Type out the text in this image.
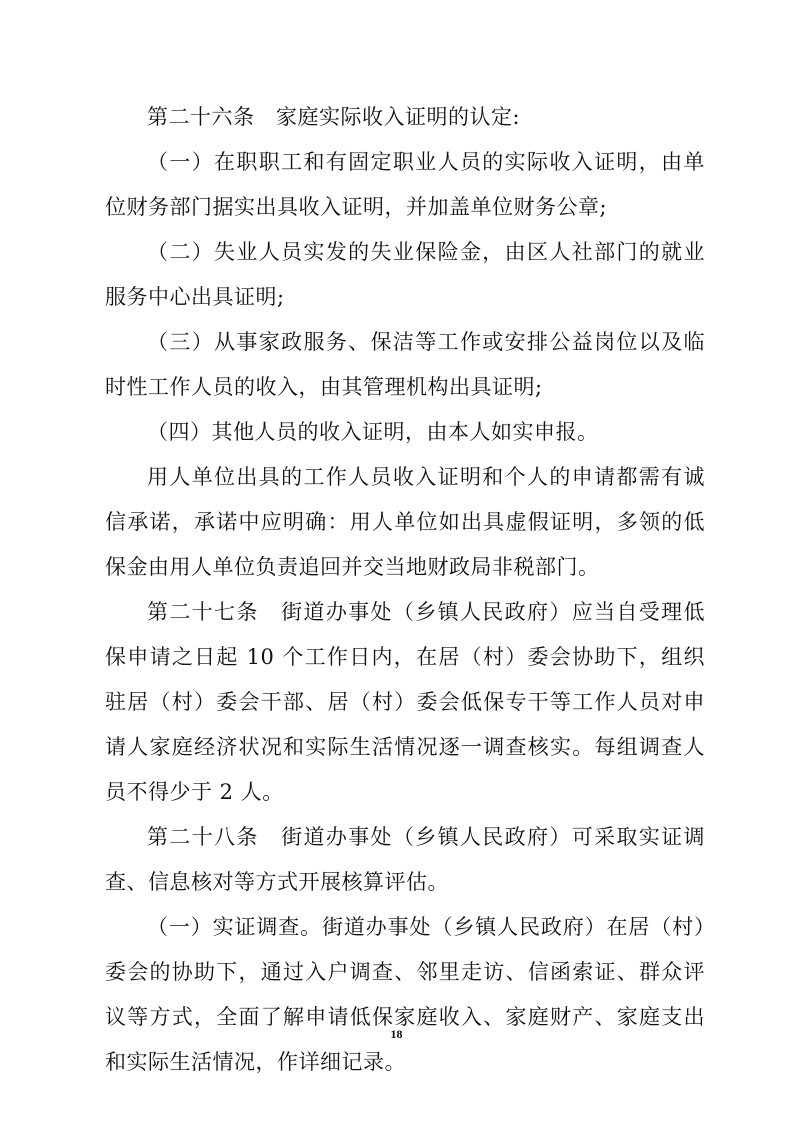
第二十六条　家庭实际收入证明的认定:

（一）在职职工和有固定职业人员的实际收入证明，由单位财务部门据实出具收入证明，并加盖单位财务公章;

（二）失业人员实发的失业保险金，由区人社部门的就业服务中心出具证明;

（三）从事家政服务、保洁等工作或安排公益岗位以及临时性工作人员的收入，由其管理机构出具证明;

（四）其他人员的收入证明，由本人如实申报。

用人单位出具的工作人员收入证明和个人的申请都需有诚信承诺，承诺中应明确：用人单位如出具虚假证明，多领的低保金由用人单位负责追回并交当地财政局非税部门。

第二十七条　街道办事处（乡镇人民政府）应当自受理低保申请之日起 10 个工作日内，在居（村）委会协助下，组织驻居（村）委会干部、居（村）委会低保专干等工作人员对申请人家庭经济状况和实际生活情况逐一调查核实。每组调查人员不得少于 2 人。

第二十八条　街道办事处（乡镇人民政府）可采取实证调查、信息核对等方式开展核算评估。

（一）实证调查。街道办事处（乡镇人民政府）在居（村）委会的协助下，通过入户调查、邻里走访、信函索证、群众评议等方式，全面了解申请低保家庭收入、家庭财产、家庭支出和实际生活情况，作详细记录。

18
